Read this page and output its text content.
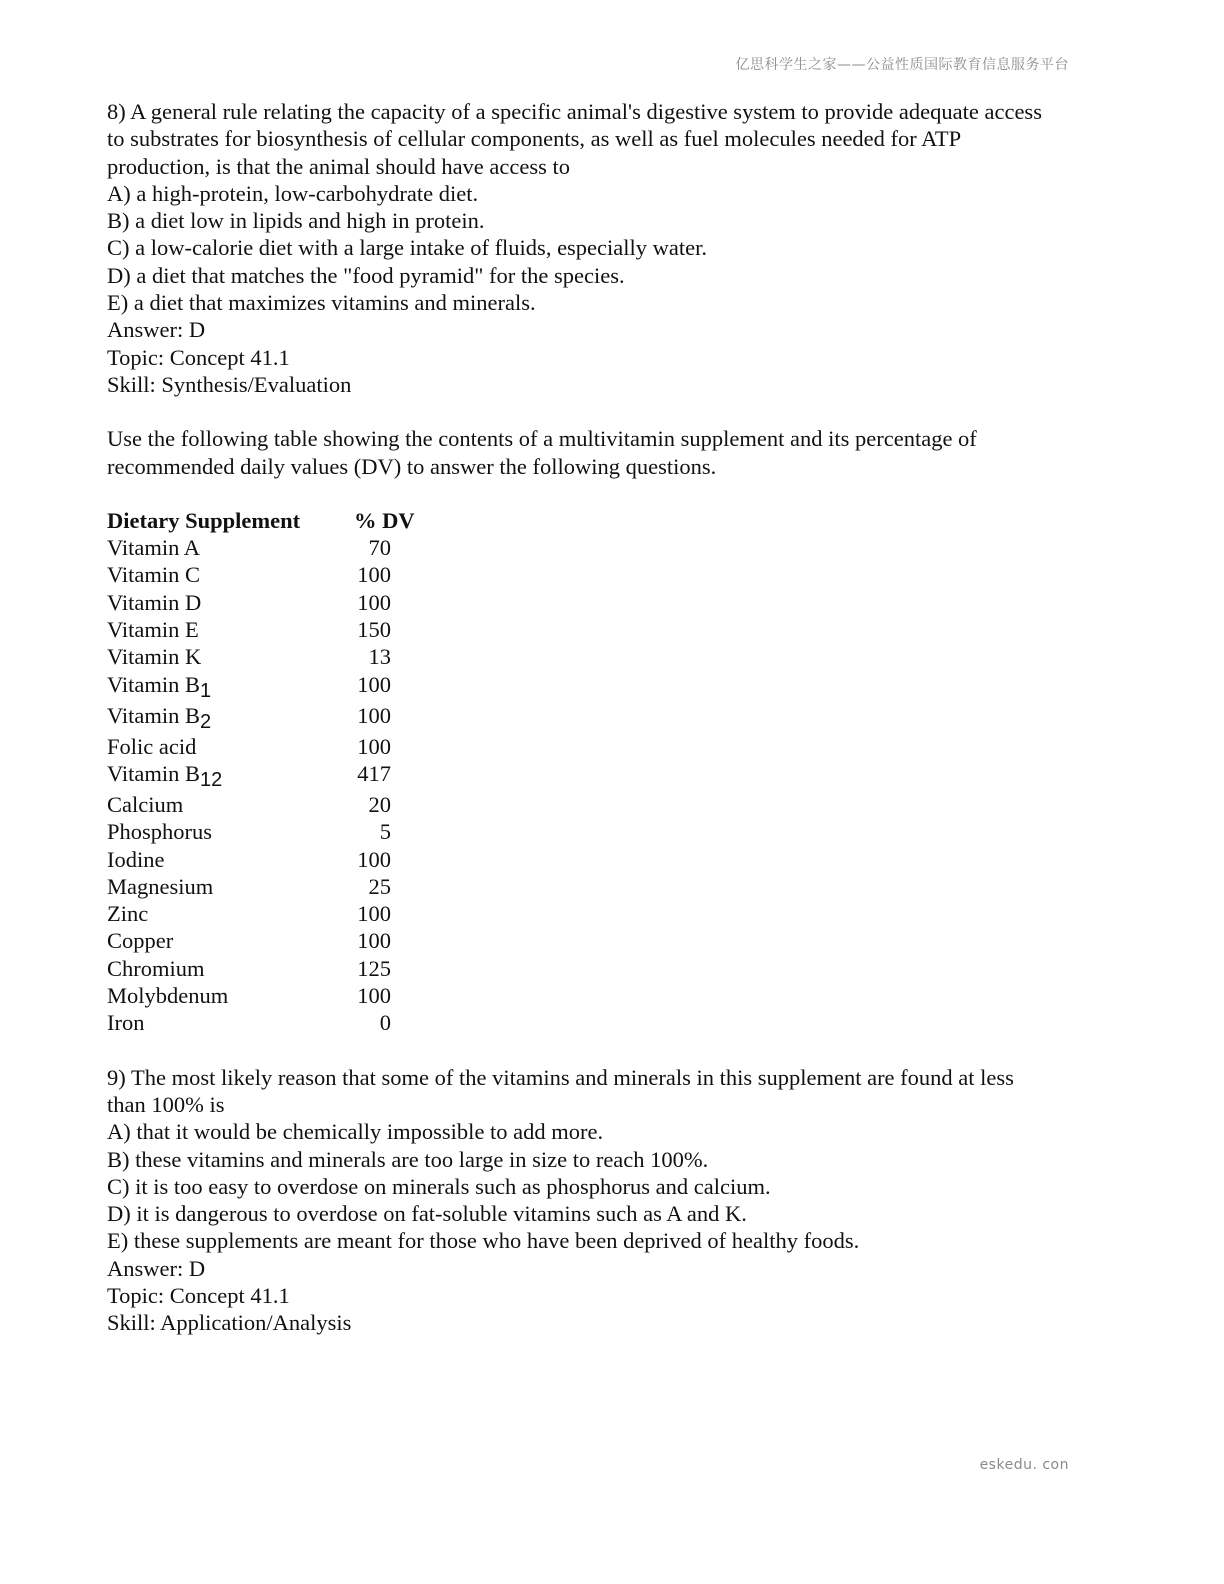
亿思科学生之家——公益性质国际教育信息服务平台
8) A general rule relating the capacity of a specific animal's digestive system to provide adequate access
to substrates for biosynthesis of cellular components, as well as fuel molecules needed for ATP
production, is that the animal should have access to
A) a high-protein, low-carbohydrate diet.
B) a diet low in lipids and high in protein.
C) a low-calorie diet with a large intake of fluids, especially water.
D) a diet that matches the "food pyramid" for the species.
E) a diet that maximizes vitamins and minerals.
Answer: D
Topic: Concept 41.1
Skill: Synthesis/Evaluation
Use the following table showing the contents of a multivitamin supplement and its percentage of
recommended daily values (DV) to answer the following questions.
Dietary Supplement	% DV
Vitamin A	70
Vitamin C	100
Vitamin D	100
Vitamin E	150
Vitamin K	13
Vitamin $B_1$	100
Vitamin $B_2$	100
Folic acid	100
Vitamin $B_{12}$	417
Calcium	20
Phosphorus	5
Iodine	100
Magnesium	25
Zinc	100
Copper	100
Chromium	125
Molybdenum	100
Iron	0
9) The most likely reason that some of the vitamins and minerals in this supplement are found at less
than 100% is
A) that it would be chemically impossible to add more.
B) these vitamins and minerals are too large in size to reach 100%.
C) it is too easy to overdose on minerals such as phosphorus and calcium.
D) it is dangerous to overdose on fat-soluble vitamins such as A and K.
E) these supplements are meant for those who have been deprived of healthy foods.
Answer: D
Topic: Concept 41.1
Skill: Application/Analysis
eskedu. con
